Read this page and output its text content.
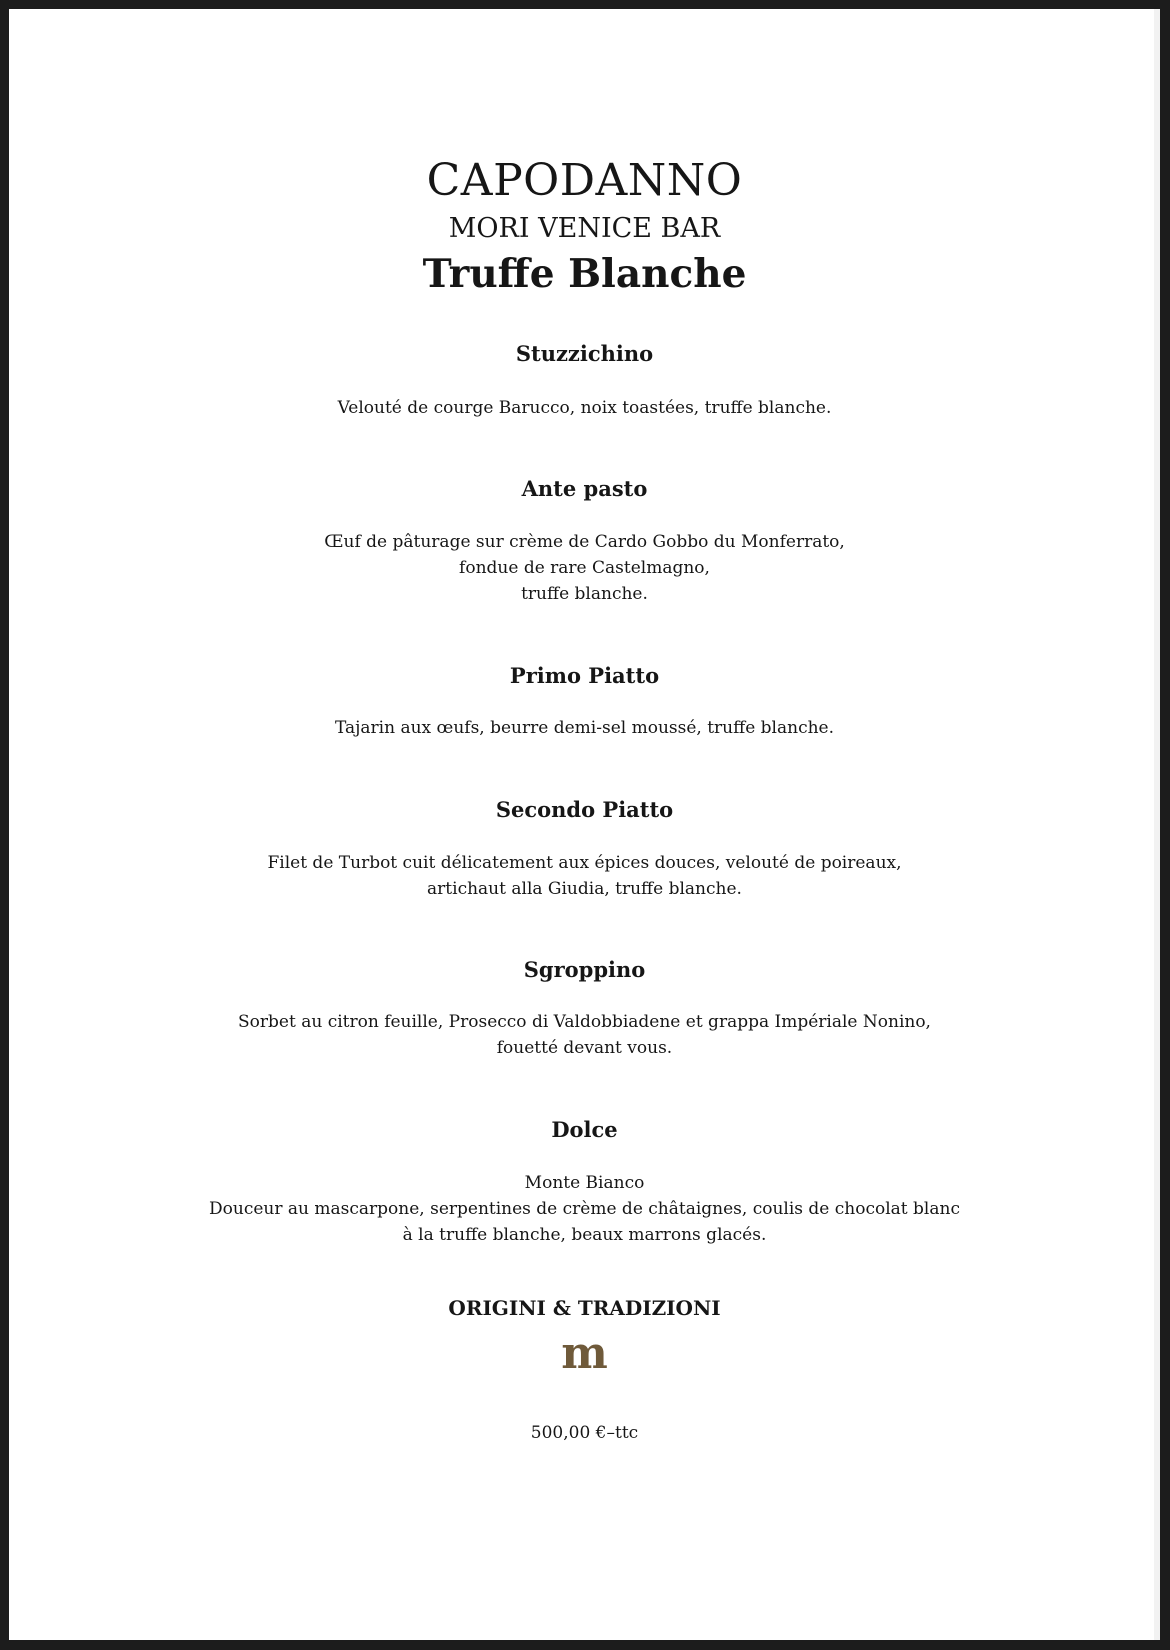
CAPODANNO
MORI VENICE BAR
Truffe Blanche
Stuzzichino
Velouté de courge Barucco, noix toastées, truffe blanche.
Ante pasto
Œuf de pâturage sur crème de Cardo Gobbo du Monferrato,
fondue de rare Castelmagno,
truffe blanche.
Primo Piatto
Tajarin aux œufs, beurre demi-sel moussé, truffe blanche.
Secondo Piatto
Filet de Turbot cuit délicatement aux épices douces, velouté de poireaux,
artichaut alla Giudia, truffe blanche.
Sgroppino
Sorbet au citron feuille, Prosecco di Valdobbiadene et grappa Impériale Nonino,
fouetté devant vous.
Dolce
Monte Bianco
Douceur au mascarpone, serpentines de crème de châtaignes, coulis de chocolat blanc
à la truffe blanche, beaux marrons glacés.
ORIGINI & TRADIZIONI
m
500,00 €–ttc
